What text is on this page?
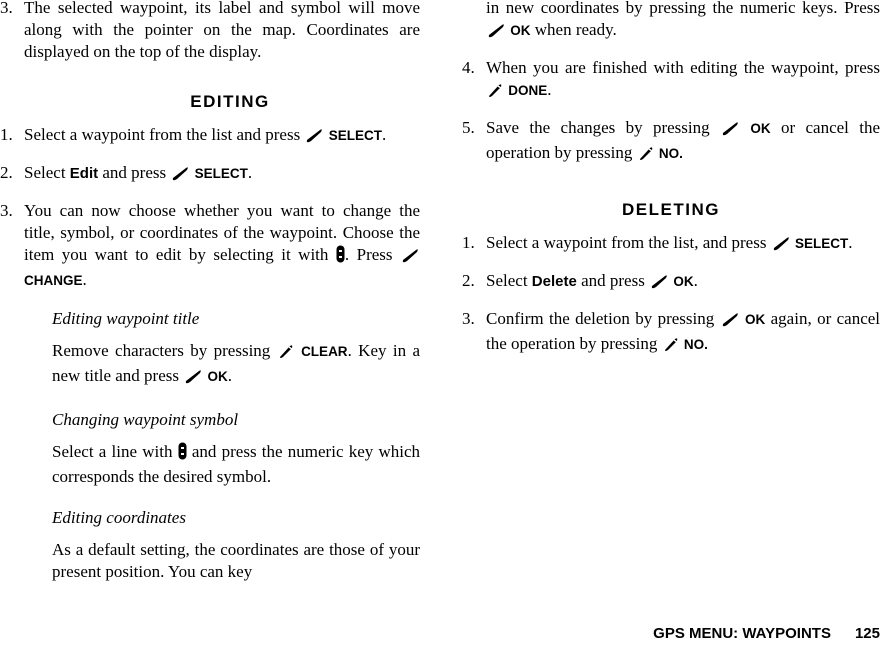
3. The selected waypoint, its label and symbol will move along with the pointer on the map. Coordinates are displayed on the top of the display.

EDITING

1. Select a waypoint from the list and press SELECT.

2. Select Edit and press SELECT.

3. You can now choose whether you want to change the title, symbol, or coordinates of the waypoint. Choose the item you want to edit by selecting it with . Press  CHANGE.

Editing waypoint title

Remove characters by pressing CLEAR. Key in a new title and press OK.

Changing waypoint symbol

Select a line with and press the numeric key which corresponds the desired symbol.

Editing coordinates

As a default setting, the coordinates are those of your present position. You can key

in new coordinates by pressing the numeric keys. Press  OK when ready.

4. When you are finished with editing the waypoint, press  DONE.

5. Save the changes by pressing	OK or cancel the operation by pressing NO.

DELETING

1. Select a waypoint from the list, and press SELECT.

2. Select Delete and press OK.

3. Confirm the deletion by pressing OK again, or cancel the operation by pressing NO.

GPS MENU: WAYPOINTS 125
